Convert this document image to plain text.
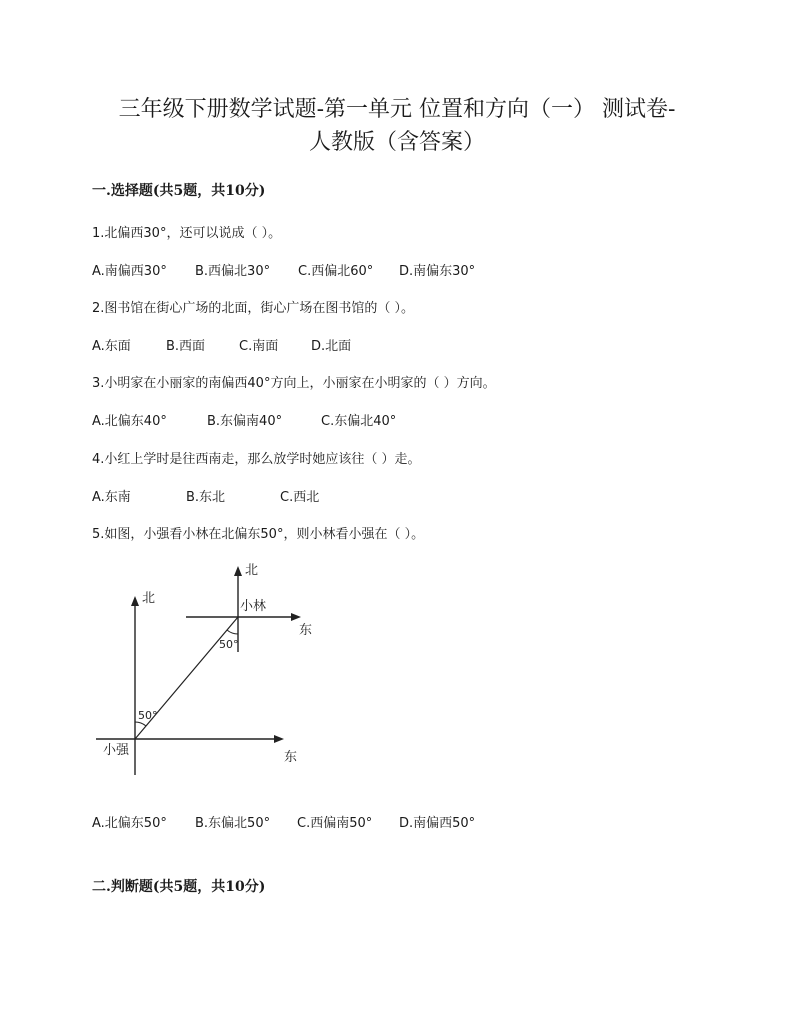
三年级下册数学试题-第一单元 位置和方向（一） 测试卷-
人教版（含答案）
一.选择题(共5题，共10分)
1.北偏西30°，还可以说成（ ）。
A.南偏西30° B.西偏北30° C.西偏北60° D.南偏东30°
2.图书馆在街心广场的北面，街心广场在图书馆的（ ）。
A.东面	B.西面	C.南面	D.北面
3.小明家在小丽家的南偏西40°方向上，小丽家在小明家的（ ）方向。
A.北偏东40°	B.东偏南40°	C.东偏北40°
4.小红上学时是往西南走，那么放学时她应该往（ ）走。
A.东南	B.东北	C.西北
5.如图，小强看小林在北偏东50°，则小林看小强在（ ）。
北
北
小林
东
东
小强
50°
50°
A.北偏东50° B.东偏北50° C.西偏南50° D.南偏西50°
二.判断题(共5题，共10分)
